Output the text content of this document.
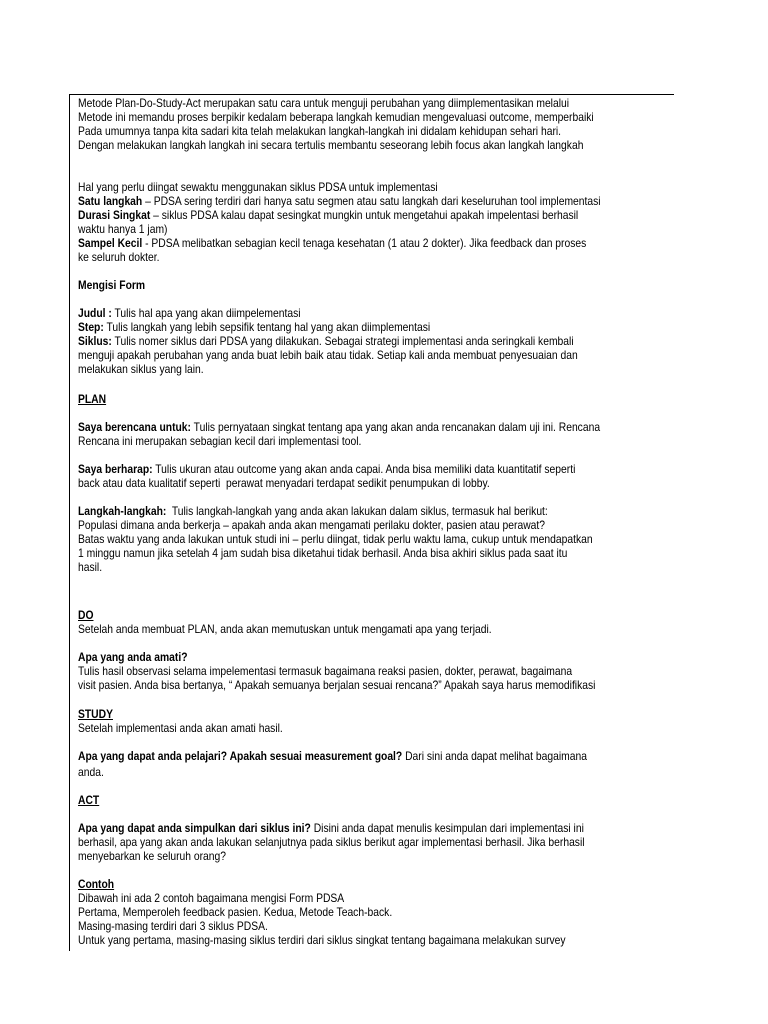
Metode Plan-Do-Study-Act merupakan satu cara untuk menguji perubahan yang diimplementasikan melalui
Metode ini memandu proses berpikir kedalam beberapa langkah kemudian mengevaluasi outcome, memperbaiki
Pada umumnya tanpa kita sadari kita telah melakukan langkah-langkah ini didalam kehidupan sehari hari.
Dengan melakukan langkah langkah ini secara tertulis membantu seseorang lebih focus akan langkah langkah
Hal yang perlu diingat sewaktu menggunakan siklus PDSA untuk implementasi
Satu langkah – PDSA sering terdiri dari hanya satu segmen atau satu langkah dari keseluruhan tool implementasi
Durasi Singkat – siklus PDSA kalau dapat sesingkat mungkin untuk mengetahui apakah impelentasi berhasil
waktu hanya 1 jam)
Sampel Kecil - PDSA melibatkan sebagian kecil tenaga kesehatan (1 atau 2 dokter). Jika feedback dan proses
ke seluruh dokter.
Mengisi Form
Judul : Tulis hal apa yang akan diimpelementasi
Step: Tulis langkah yang lebih sepsifik tentang hal yang akan diimplementasi
Siklus: Tulis nomer siklus dari PDSA yang dilakukan. Sebagai strategi implementasi anda seringkali kembali
menguji apakah perubahan yang anda buat lebih baik atau tidak. Setiap kali anda membuat penyesuaian dan
melakukan siklus yang lain.
PLAN
Saya berencana untuk: Tulis pernyataan singkat tentang apa yang akan anda rencanakan dalam uji ini. Rencana
Rencana ini merupakan sebagian kecil dari implementasi tool.
Saya berharap: Tulis ukuran atau outcome yang akan anda capai. Anda bisa memiliki data kuantitatif seperti
back atau data kualitatif seperti  perawat menyadari terdapat sedikit penumpukan di lobby.
Langkah-langkah:  Tulis langkah-langkah yang anda akan lakukan dalam siklus, termasuk hal berikut:
Populasi dimana anda berkerja – apakah anda akan mengamati perilaku dokter, pasien atau perawat?
Batas waktu yang anda lakukan untuk studi ini – perlu diingat, tidak perlu waktu lama, cukup untuk mendapatkan
1 minggu namun jika setelah 4 jam sudah bisa diketahui tidak berhasil. Anda bisa akhiri siklus pada saat itu
hasil.
DO
Setelah anda membuat PLAN, anda akan memutuskan untuk mengamati apa yang terjadi.
Apa yang anda amati?
Tulis hasil observasi selama impelementasi termasuk bagaimana reaksi pasien, dokter, perawat, bagaimana
visit pasien. Anda bisa bertanya, “ Apakah semuanya berjalan sesuai rencana?” Apakah saya harus memodifikasi
STUDY
Setelah implementasi anda akan amati hasil.
Apa yang dapat anda pelajari? Apakah sesuai measurement goal? Dari sini anda dapat melihat bagaimana
anda.
ACT
Apa yang dapat anda simpulkan dari siklus ini? Disini anda dapat menulis kesimpulan dari implementasi ini
berhasil, apa yang akan anda lakukan selanjutnya pada siklus berikut agar implementasi berhasil. Jika berhasil
menyebarkan ke seluruh orang?
Contoh
Dibawah ini ada 2 contoh bagaimana mengisi Form PDSA
Pertama, Memperoleh feedback pasien. Kedua, Metode Teach-back.
Masing-masing terdiri dari 3 siklus PDSA.
Untuk yang pertama, masing-masing siklus terdiri dari siklus singkat tentang bagaimana melakukan survey
